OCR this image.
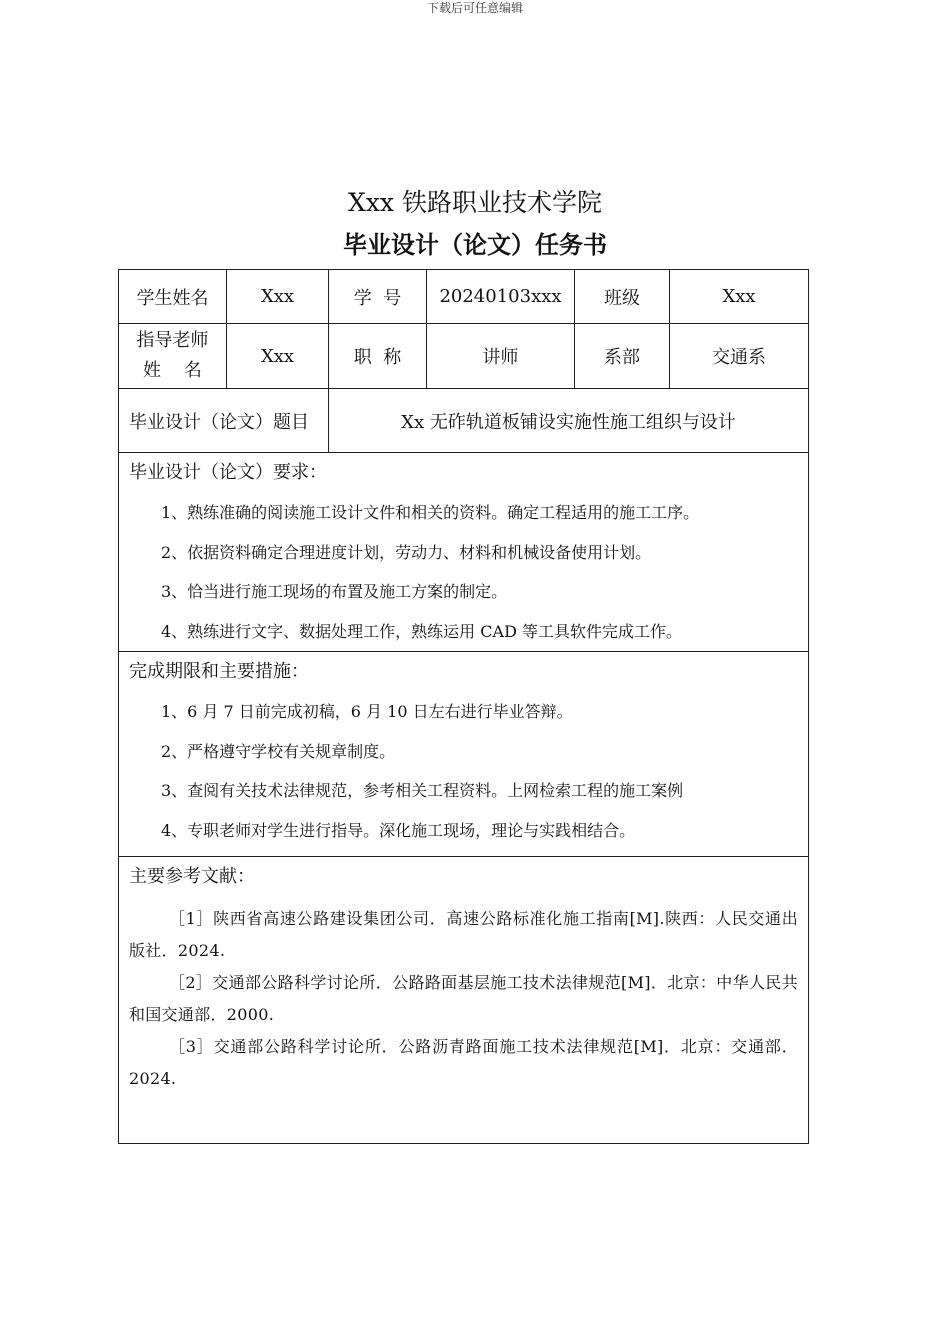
下载后可任意编辑
Xxx 铁路职业技术学院
毕业设计（论文）任务书
学生姓名	Xxx	学  号	20240103xxx	班级	Xxx

指导老师
姓    名	Xxx	职  称	讲师	系部	交通系
毕业设计（论文）题目		Xx 无砟轨道板铺设实施性施工组织与设计			

毕业设计（论文）要求：
1、熟练准确的阅读施工设计文件和相关的资料。确定工程适用的施工工序。
2、依据资料确定合理进度计划，劳动力、材料和机械设备使用计划。
3、恰当进行施工现场的布置及施工方案的制定。
4、熟练进行文字、数据处理工作，熟练运用 CAD 等工具软件完成工作。					

完成期限和主要措施：
1、6 月 7 日前完成初稿，6 月 10 日左右进行毕业答辩。
2、严格遵守学校有关规章制度。
3、查阅有关技术法律规范，参考相关工程资料。上网检索工程的施工案例
4、专职老师对学生进行指导。深化施工现场，理论与实践相结合。					

主要参考文献：
［1］陕西省高速公路建设集团公司．高速公路标准化施工指南[M].陕西：人民交通出版社．2024.
［2］交通部公路科学讨论所．公路路面基层施工技术法律规范[M]．北京：中华人民共和国交通部．2000.
［3］交通部公路科学讨论所．公路沥青路面施工技术法律规范[M]．北京：交通部．2024.					
